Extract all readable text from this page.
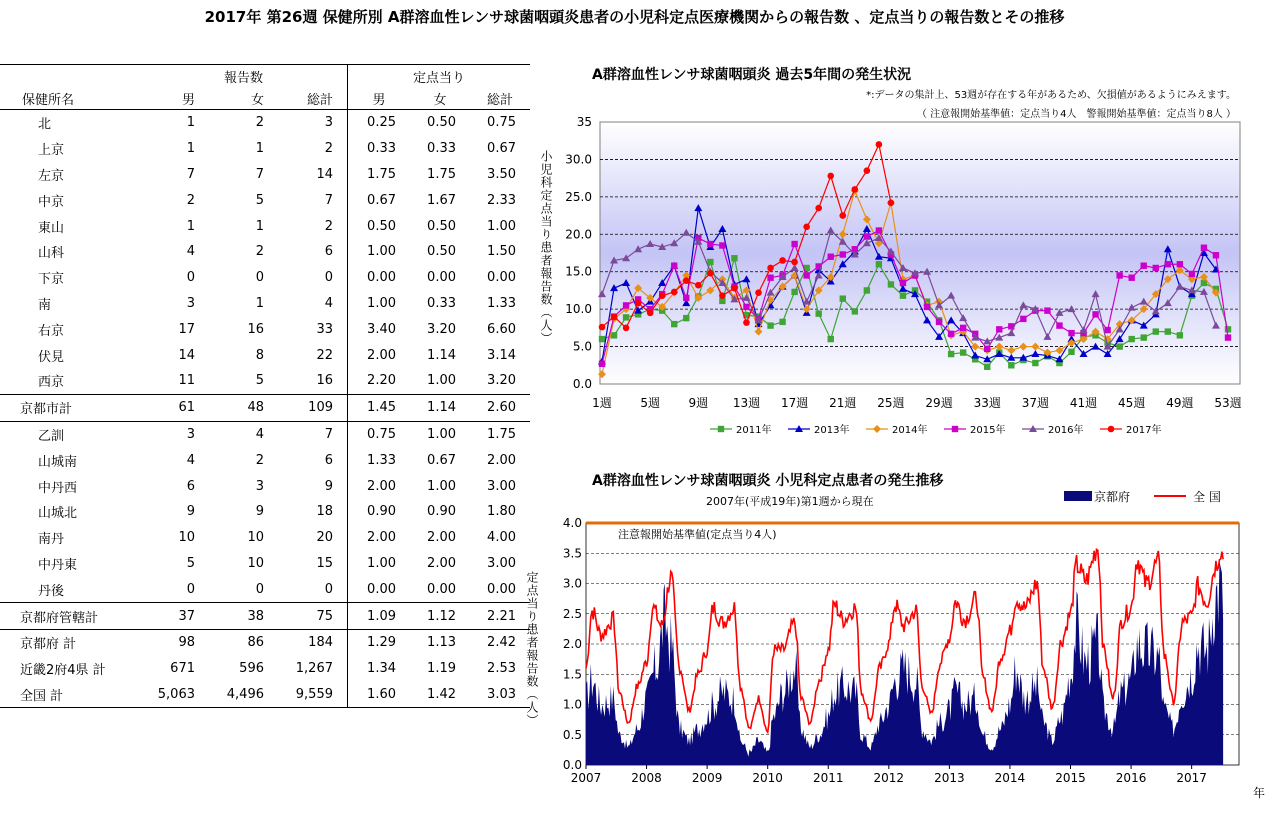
2017年 第26週 保健所別 A群溶血性レンサ球菌咽頭炎患者の小児科定点医療機関からの報告数 、定点当りの報告数とその推移
	報告数			定点当り		
保健所名	男	女	総計	男	女	総計
北	1	2	3	0.25	0.50	0.75
上京	1	1	2	0.33	0.33	0.67
左京	7	7	14	1.75	1.75	3.50
中京	2	5	7	0.67	1.67	2.33
東山	1	1	2	0.50	0.50	1.00
山科	4	2	6	1.00	0.50	1.50
下京	0	0	0	0.00	0.00	0.00
南	3	1	4	1.00	0.33	1.33
右京	17	16	33	3.40	3.20	6.60
伏見	14	8	22	2.00	1.14	3.14
西京	11	5	16	2.20	1.00	3.20
京都市計	61	48	109	1.45	1.14	2.60
乙訓	3	4	7	0.75	1.00	1.75
山城南	4	2	6	1.33	0.67	2.00
中丹西	6	3	9	2.00	1.00	3.00
山城北	9	9	18	0.90	0.90	1.80
南丹	10	10	20	2.00	2.00	4.00
中丹東	5	10	15	1.00	2.00	3.00
丹後	0	0	0	0.00	0.00	0.00
京都府管轄計	37	38	75	1.09	1.12	2.21
京都府 計	98	86	184	1.29	1.13	2.42
近畿2府4県 計	671	596	1,267	1.34	1.19	2.53
全国 計	5,063	4,496	9,559	1.60	1.42	3.03
A群溶血性レンサ球菌咽頭炎 過去5年間の発生状況
*:データの集計上、53週が存在する年があるため、欠損値があるようにみえます。
（ 注意報開始基準値：定点当り4人　警報開始基準値：定点当り8人 ）
0.0
5.0
10.0
15.0
20.0
25.0
30.0
35
1週 5週 9週 13週 17週 21週 25週 29週 33週 37週 41週 45週 49週 53週
小児科定点当り患者報告数（人）
2011年	2013年	2014年	2015年	2016年	2017年
A群溶血性レンサ球菌咽頭炎 小児科定点患者の発生推移
2007年(平成19年)第1週から現在	京都府	全 国
0.0
0.5
1.0
1.5
2.0
2.5
3.0
3.5
4.0
2007	2008	2009	2010	2011	2012	2013	2014	2015	2016	2017
年
定点当り患者報告数（人）
注意報開始基準値(定点当り4人)
